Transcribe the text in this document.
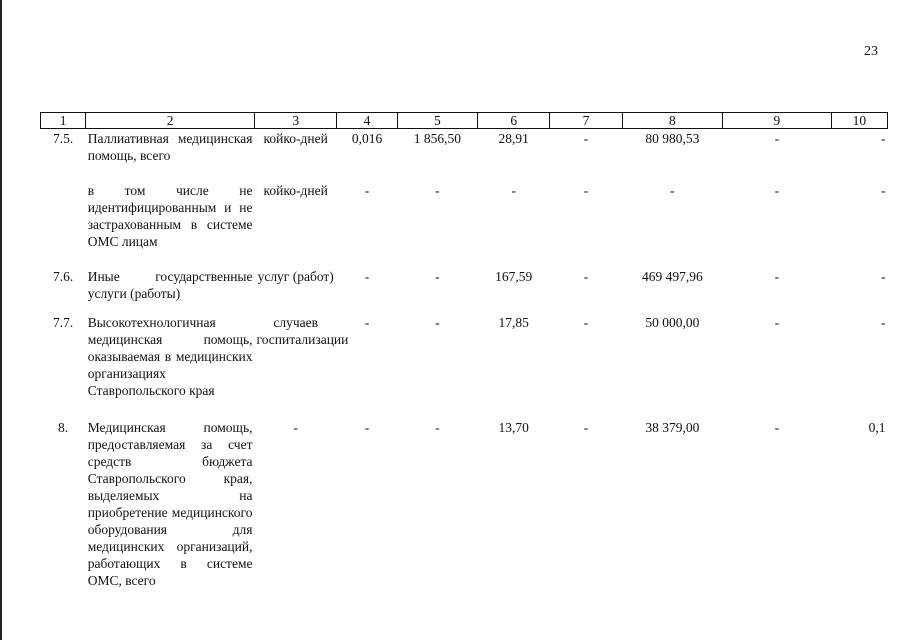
23
1	2	3	4	5	6	7	8	9	10
7.5.	Паллиативная медицинская помощь, всего	койко-дней	0,016	1 856,50	28,91	-	80 980,53	-	-

	в том числе не идентифицированным и не застрахованным в системе ОМС лицам	койко-дней	-	-	-	-	-	-	-

7.6.	Иные государственные услуги (работы)	услуг (работ)	-	-	167,59	-	469 497,96	-	-

7.7.	Высокотехнологичная медицинская помощь, оказываемая в медицинских организациях Ставропольского края	случаев госпитализации	-	-	17,85	-	50 000,00	-	-

8.	Медицинская помощь, предоставляемая за счет средств бюджета Ставропольского края, выделяемых на приобретение медицинского оборудования для медицинских организаций, работающих в системе ОМС, всего	-	-	-	13,70	-	38 379,00	-	0,1
